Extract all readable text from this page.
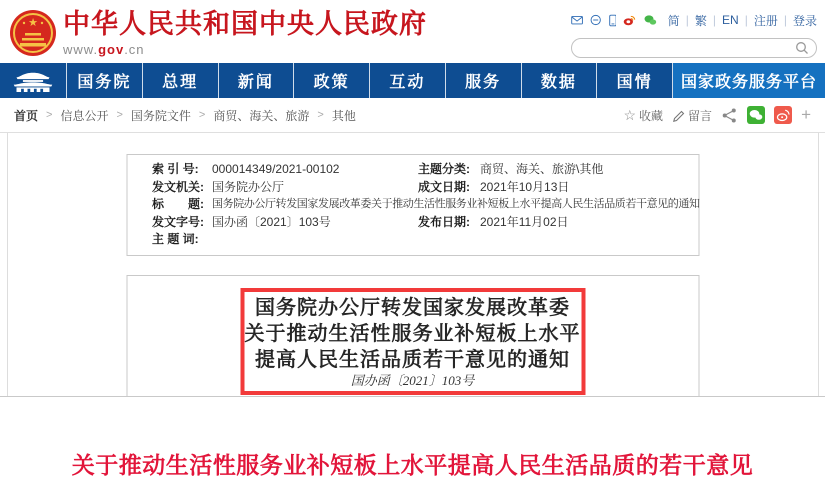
★ 中华人民共和国中央人民政府
www.gov.cn
简 | 繁 | EN | 注册 | 登录
国务院	总理	新闻	政策	互动	服务	数据	国情	国家政务服务平台
首页 > 信息公开 > 国务院文件 > 商贸、海关、旅游 > 其他	☆ 收藏 留言	+
索 引 号:	000014349/2021-00102	主题分类: 商贸、海关、旅游\其他
发文机关: 国务院办公厅	成文日期: 2021年10月13日
标　　题: 国务院办公厅转发国家发展改革委关于推动生活性服务业补短板上水平提高人民生活品质若干意见的通知
发文字号: 国办函〔2021〕103号	发布日期: 2021年11月02日
主 题 词:
国务院办公厅转发国家发展改革委
关于推动生活性服务业补短板上水平
提高人民生活品质若干意见的通知
国办函〔2021〕103号
关于推动生活性服务业补短板上水平提高人民生活品质的若干意见
